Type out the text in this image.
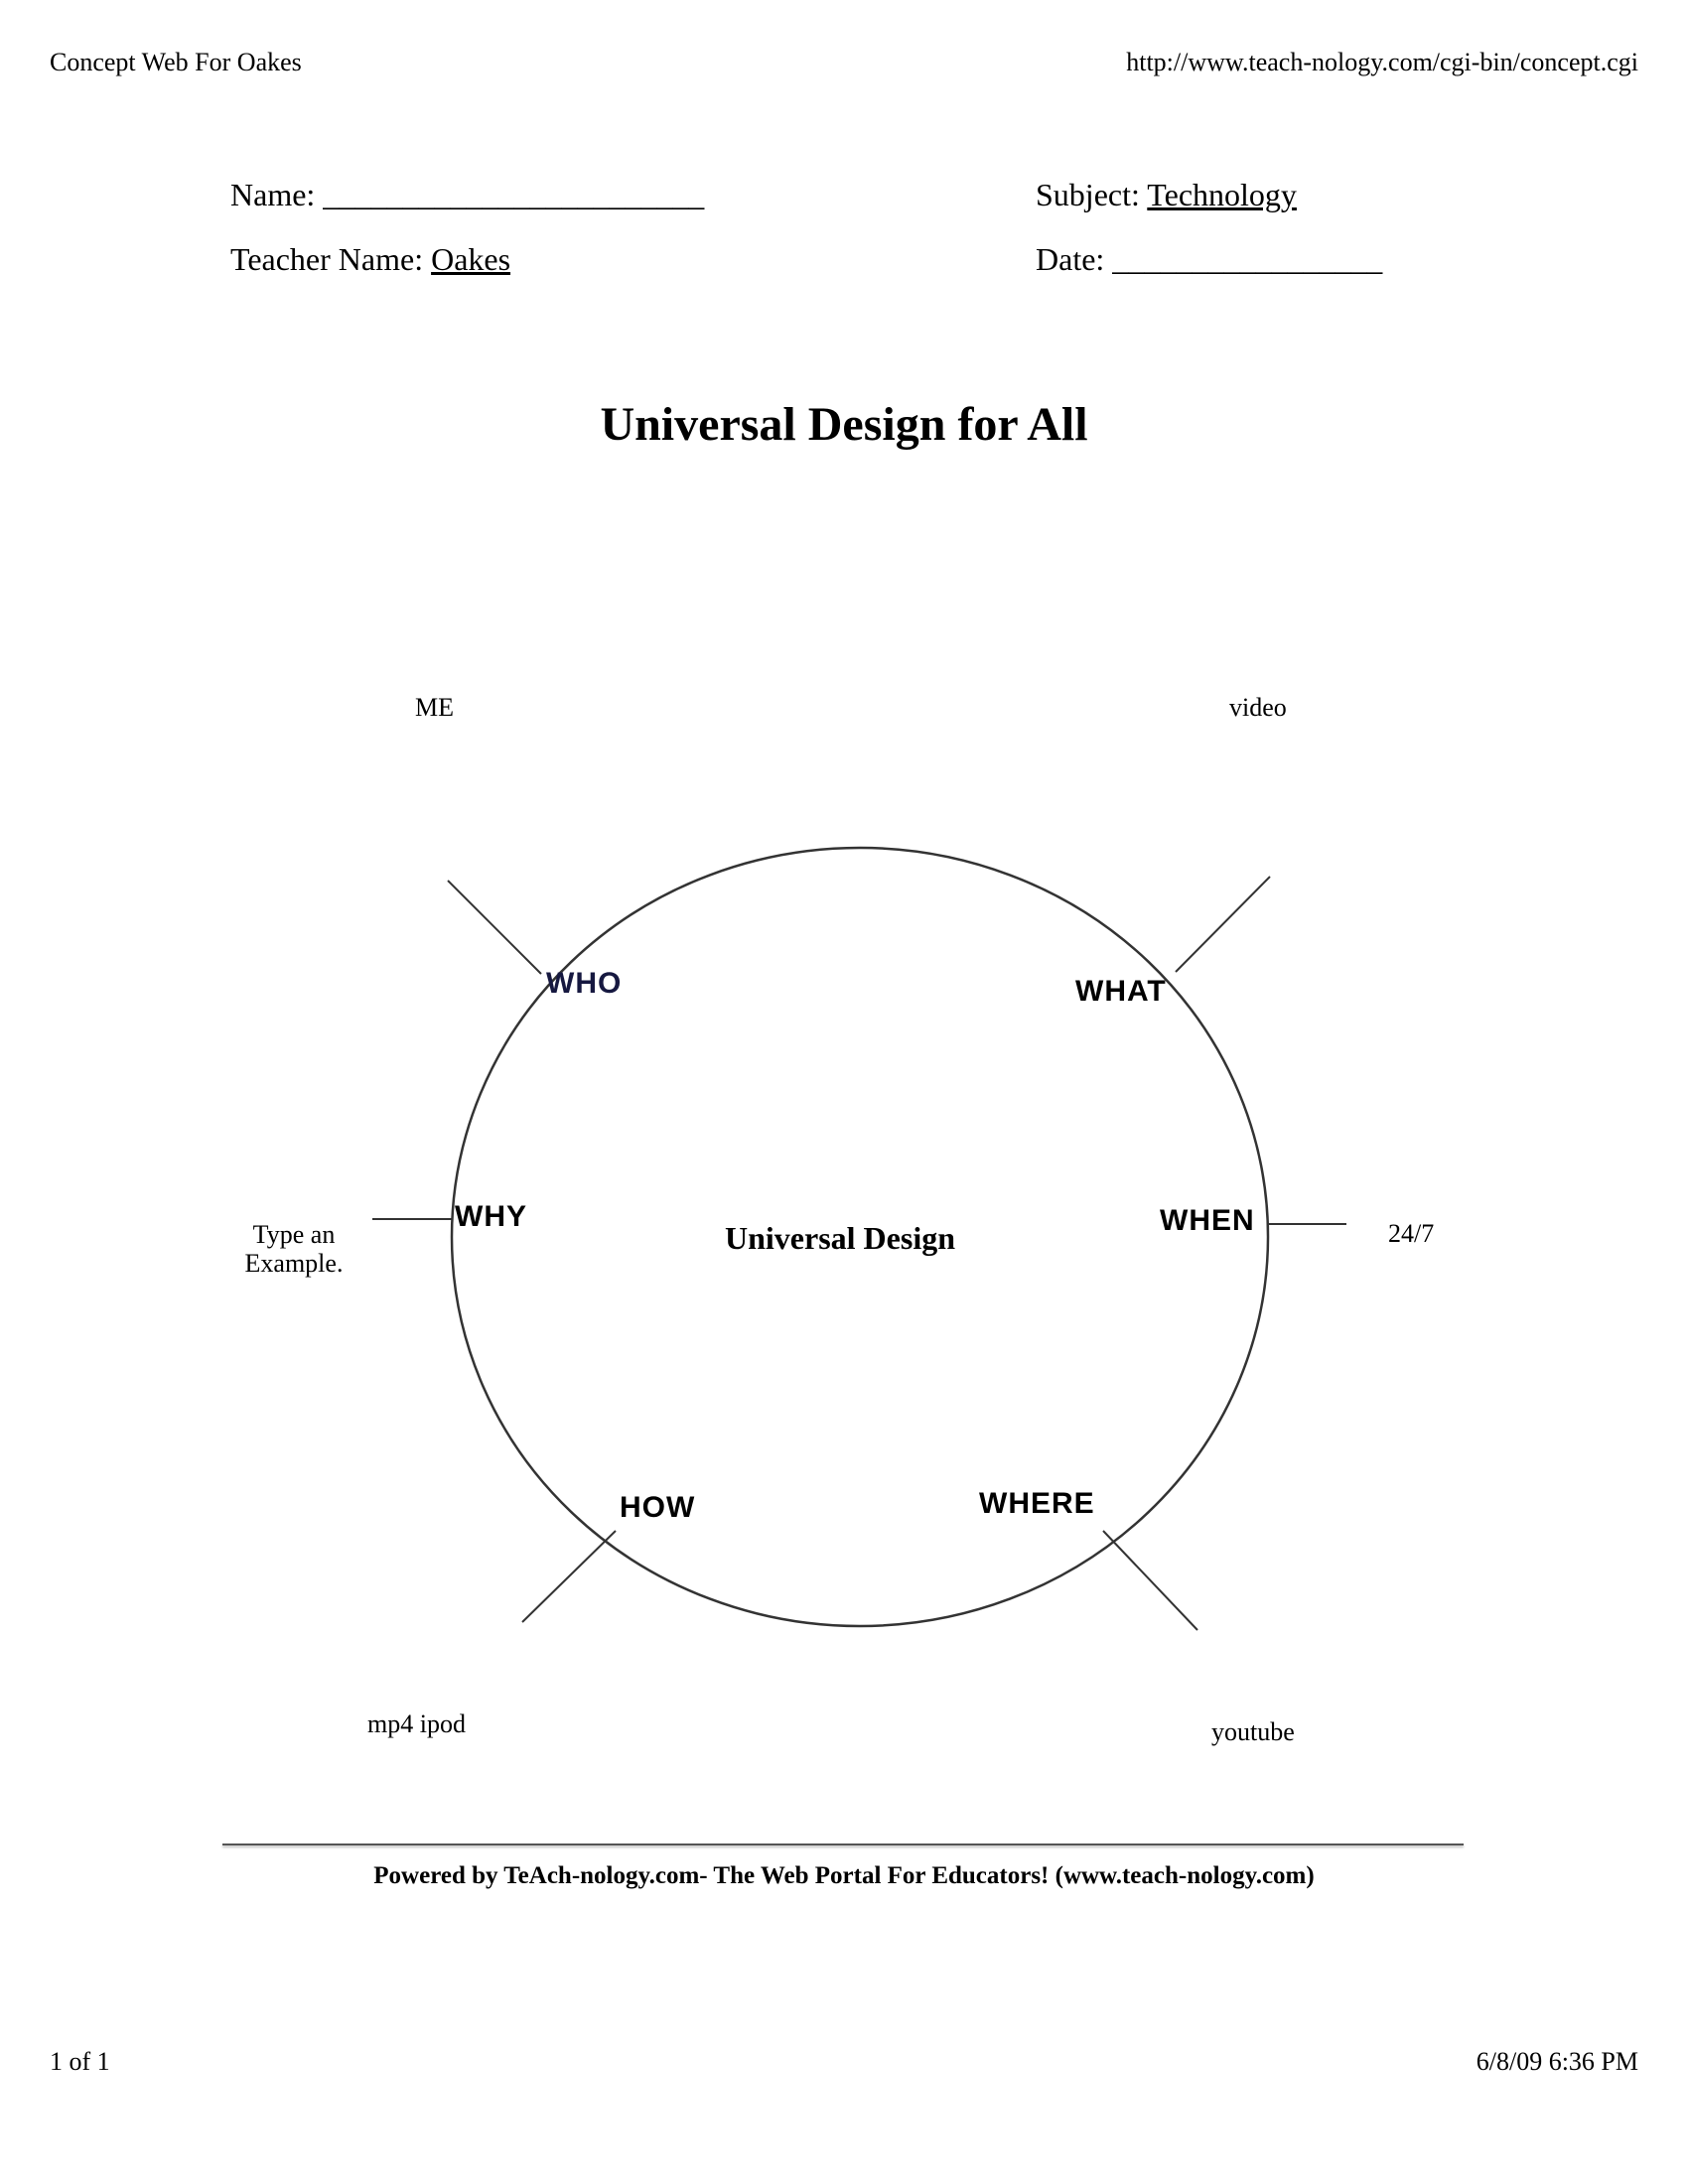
Concept Web For Oakes	http://www.teach-nology.com/cgi-bin/concept.cgi
Name: ________________________	Subject: Technology
Teacher Name: Oakes	Date: _________________
Universal Design for All
WHO	WHAT
WHY	WHEN
HOW	WHERE
Universal Design
ME	video
Type an Example.
24/7
mp4 ipod	youtube
Powered by TeAch-nology.com- The Web Portal For Educators! (www.teach-nology.com)
1 of 1	6/8/09 6:36 PM
